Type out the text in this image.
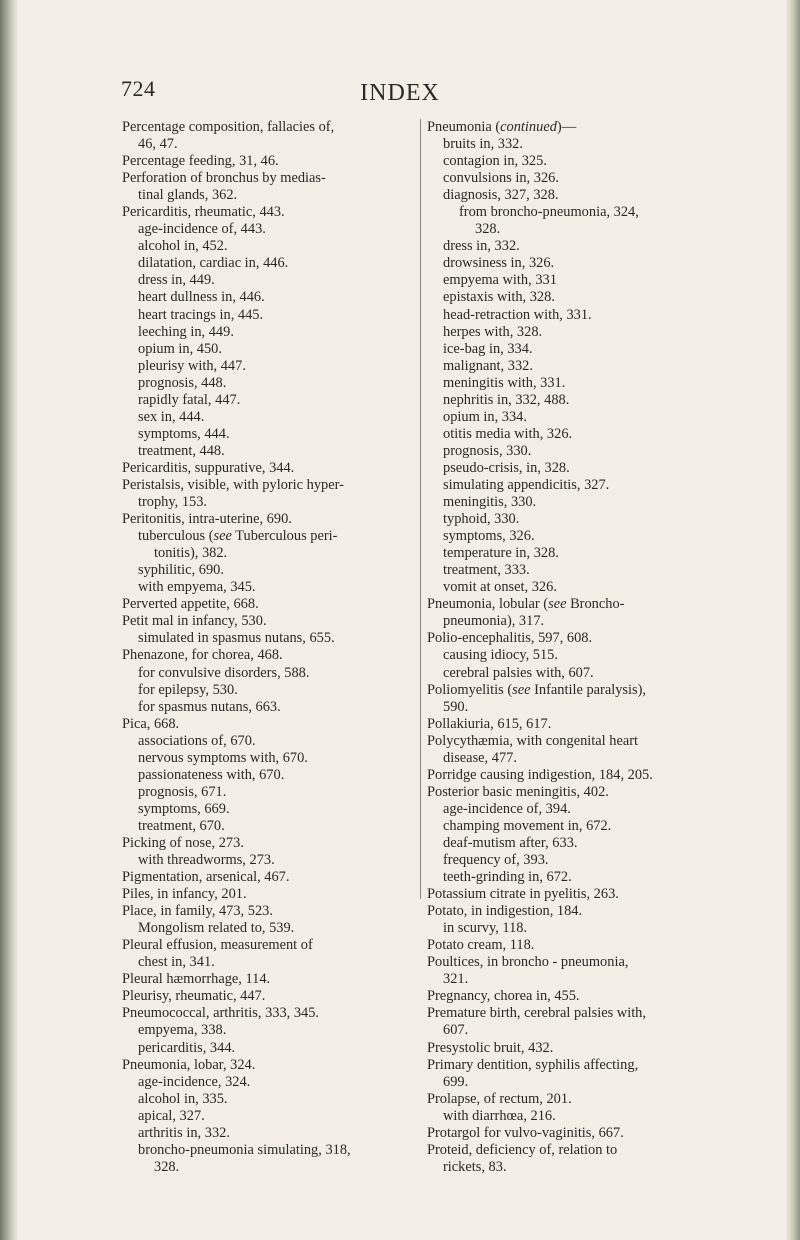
724	INDEX
Percentage composition, fallacies of,
46, 47.
Percentage feeding, 31, 46.
Perforation of bronchus by medias-
tinal glands, 362.
Pericarditis, rheumatic, 443.
age-incidence of, 443.
alcohol in, 452.
dilatation, cardiac in, 446.
dress in, 449.
heart dullness in, 446.
heart tracings in, 445.
leeching in, 449.
opium in, 450.
pleurisy with, 447.
prognosis, 448.
rapidly fatal, 447.
sex in, 444.
symptoms, 444.
treatment, 448.
Pericarditis, suppurative, 344.
Peristalsis, visible, with pyloric hyper-
trophy, 153.
Peritonitis, intra-uterine, 690.
tuberculous (see Tuberculous peri-
tonitis), 382.
syphilitic, 690.
with empyema, 345.
Perverted appetite, 668.
Petit mal in infancy, 530.
simulated in spasmus nutans, 655.
Phenazone, for chorea, 468.
for convulsive disorders, 588.
for epilepsy, 530.
for spasmus nutans, 663.
Pica, 668.
associations of, 670.
nervous symptoms with, 670.
passionateness with, 670.
prognosis, 671.
symptoms, 669.
treatment, 670.
Picking of nose, 273.
with threadworms, 273.
Pigmentation, arsenical, 467.
Piles, in infancy, 201.
Place, in family, 473, 523.
Mongolism related to, 539.
Pleural effusion, measurement of
chest in, 341.
Pleural hæmorrhage, 114.
Pleurisy, rheumatic, 447.
Pneumococcal, arthritis, 333, 345.
empyema, 338.
pericarditis, 344.
Pneumonia, lobar, 324.
age-incidence, 324.
alcohol in, 335.
apical, 327.
arthritis in, 332.
broncho-pneumonia simulating, 318,
328.
Pneumonia (continued)—
bruits in, 332.
contagion in, 325.
convulsions in, 326.
diagnosis, 327, 328.
from broncho-pneumonia, 324,
328.
dress in, 332.
drowsiness in, 326.
empyema with, 331
epistaxis with, 328.
head-retraction with, 331.
herpes with, 328.
ice-bag in, 334.
malignant, 332.
meningitis with, 331.
nephritis in, 332, 488.
opium in, 334.
otitis media with, 326.
prognosis, 330.
pseudo-crisis, in, 328.
simulating appendicitis, 327.
meningitis, 330.
typhoid, 330.
symptoms, 326.
temperature in, 328.
treatment, 333.
vomit at onset, 326.
Pneumonia, lobular (see Broncho-
pneumonia), 317.
Polio-encephalitis, 597, 608.
causing idiocy, 515.
cerebral palsies with, 607.
Poliomyelitis (see Infantile paralysis),
590.
Pollakiuria, 615, 617.
Polycythæmia, with congenital heart
disease, 477.
Porridge causing indigestion, 184, 205.
Posterior basic meningitis, 402.
age-incidence of, 394.
champing movement in, 672.
deaf-mutism after, 633.
frequency of, 393.
teeth-grinding in, 672.
Potassium citrate in pyelitis, 263.
Potato, in indigestion, 184.
in scurvy, 118.
Potato cream, 118.
Poultices, in broncho - pneumonia,
321.
Pregnancy, chorea in, 455.
Premature birth, cerebral palsies with,
607.
Presystolic bruit, 432.
Primary dentition, syphilis affecting,
699.
Prolapse, of rectum, 201.
with diarrhœa, 216.
Protargol for vulvo-vaginitis, 667.
Proteid, deficiency of, relation to
rickets, 83.
